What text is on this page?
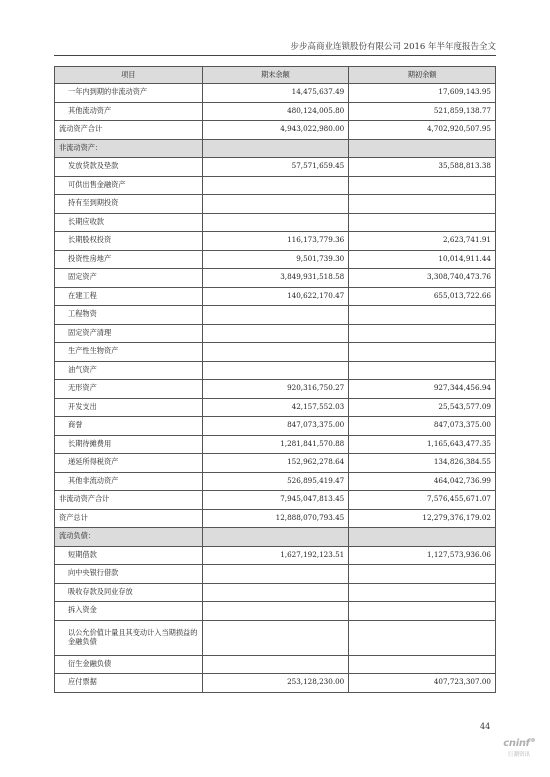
步步高商业连锁股份有限公司 2016 年半年度报告全文
项目	期末余额	期初余额
一年内到期的非流动资产	14,475,637.49	17,609,143.95
其他流动资产	480,124,005.80	521,859,138.77
流动资产合计	4,943,022,980.00	4,702,920,507.95
非流动资产：		
发放贷款及垫款	57,571,659.45	35,588,813.38
可供出售金融资产		
持有至到期投资		
长期应收款		
长期股权投资	116,173,779.36	2,623,741.91
投资性房地产	9,501,739.30	10,014,911.44
固定资产	3,849,931,518.58	3,308,740,473.76
在建工程	140,622,170.47	655,013,722.66
工程物资		
固定资产清理		
生产性生物资产		
油气资产		
无形资产	920,316,750.27	927,344,456.94
开发支出	42,157,552.03	25,543,577.09
商誉	847,073,375.00	847,073,375.00
长期待摊费用	1,281,841,570.88	1,165,643,477.35
递延所得税资产	152,962,278.64	134,826,384.55
其他非流动资产	526,895,419.47	464,042,736.99
非流动资产合计	7,945,047,813.45	7,576,455,671.07
资产总计	12,888,070,793.45	12,279,376,179.02
流动负债：		
短期借款	1,627,192,123.51	1,127,573,936.06
向中央银行借款		
吸收存款及同业存放		
拆入资金		
以公允价值计量且其变动计入当期损益的金融负债		
衍生金融负债		
应付票据	253,128,230.00	407,723,307.00
44
cninf
巨潮资讯
